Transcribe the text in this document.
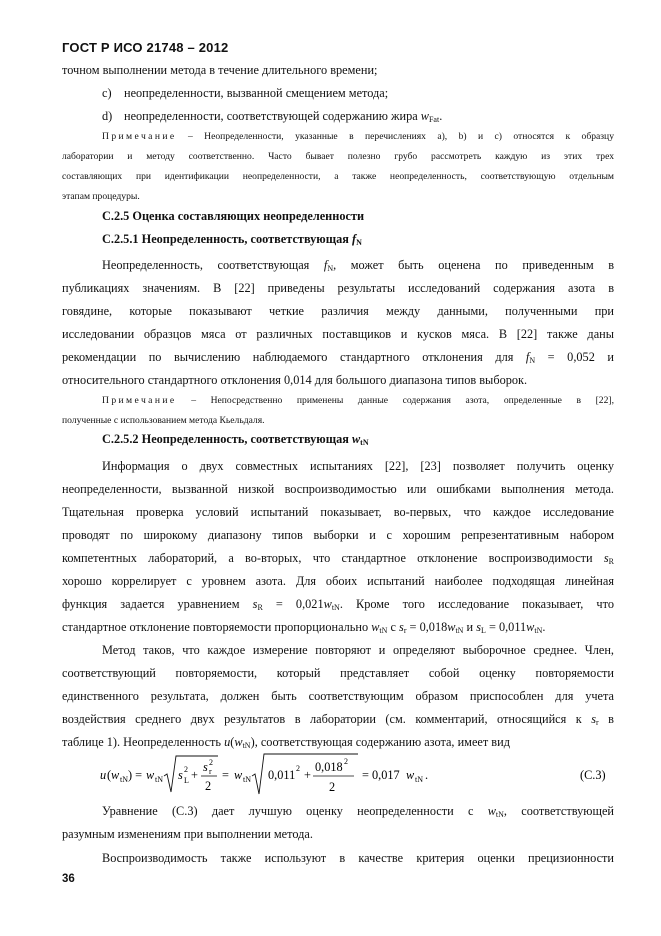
ГОСТ Р ИСО 21748 – 2012
точном выполнении метода в течение длительного времени;
c) неопределенности, вызванной смещением метода;
d) неопределенности, соответствующей содержанию жира $w_{Fat}$.
Примечание – Неопределенности, указанные в перечислениях а), b) и с) относятся к образцу
лаборатории и методу соответственно. Часто бывает полезно грубо рассмотреть каждую из этих трех
составляющих при идентификации неопределенности, а также неопределенность, соответствующую отдельным
этапам процедуры.
С.2.5 Оценка составляющих неопределенности
С.2.5.1 Неопределенность, соответствующая $f_N$
Неопределенность, соответствующая $f_N$, может быть оценена по приведенным в
публикациях значениям. В [22] приведены результаты исследований содержания азота в
говядине, которые показывают четкие различия между данными, полученными при
исследовании образцов мяса от различных поставщиков и кусков мяса. В [22] также даны
рекомендации по вычислению наблюдаемого стандартного отклонения для $f_N = 0,052$ и
относительного стандартного отклонения 0,014 для большого диапазона типов выборок.
Примечание – Непосредственно применены данные содержания азота, определенные в [22],
полученные с использованием метода Кьельдаля.
С.2.5.2 Неопределенность, соответствующая $w_{tN}$
Информация о двух совместных испытаниях [22], [23] позволяет получить оценку
неопределенности, вызванной низкой воспроизводимостью или ошибками выполнения метода.
Тщательная проверка условий испытаний показывает, во-первых, что каждое исследование
проводят по широкому диапазону типов выборки и с хорошим репрезентативным набором
компетентных лабораторий, а во-вторых, что стандартное отклонение воспроизводимости $s_R$
хорошо коррелирует с уровнем азота. Для обоих испытаний наиболее подходящая линейная
функция задается уравнением $s_R = 0,021w_{tN}$. Кроме того исследование показывает, что
стандартное отклонение повторяемости пропорционально $w_{tN}$ с $s_r = 0,018w_{tN}$ и $s_L = 0,011w_{tN}$.
Метод таков, что каждое измерение повторяют и определяют выборочное среднее. Член,
соответствующий повторяемости, который представляет собой оценку повторяемости
единственного результата, должен быть соответствующим образом приспособлен для учета
воздействия среднего двух результатов в лаборатории (см. комментарий, относящийся к $s_r$ в
таблице 1). Неопределенность $u(w_{tN})$, соответствующая содержанию азота, имеет вид
u ( w tN ) = w tN s L
2 +
s r
2
2
= w tN 0,011 2 +
0,018 2
2
= 0,017 w tN .	(С.3)
Уравнение (С.3) дает лучшую оценку неопределенности с $w_{tN}$, соответствующей
разумным изменениям при выполнении метода.
Воспроизводимость также используют в качестве критерия оценки прецизионности
36
